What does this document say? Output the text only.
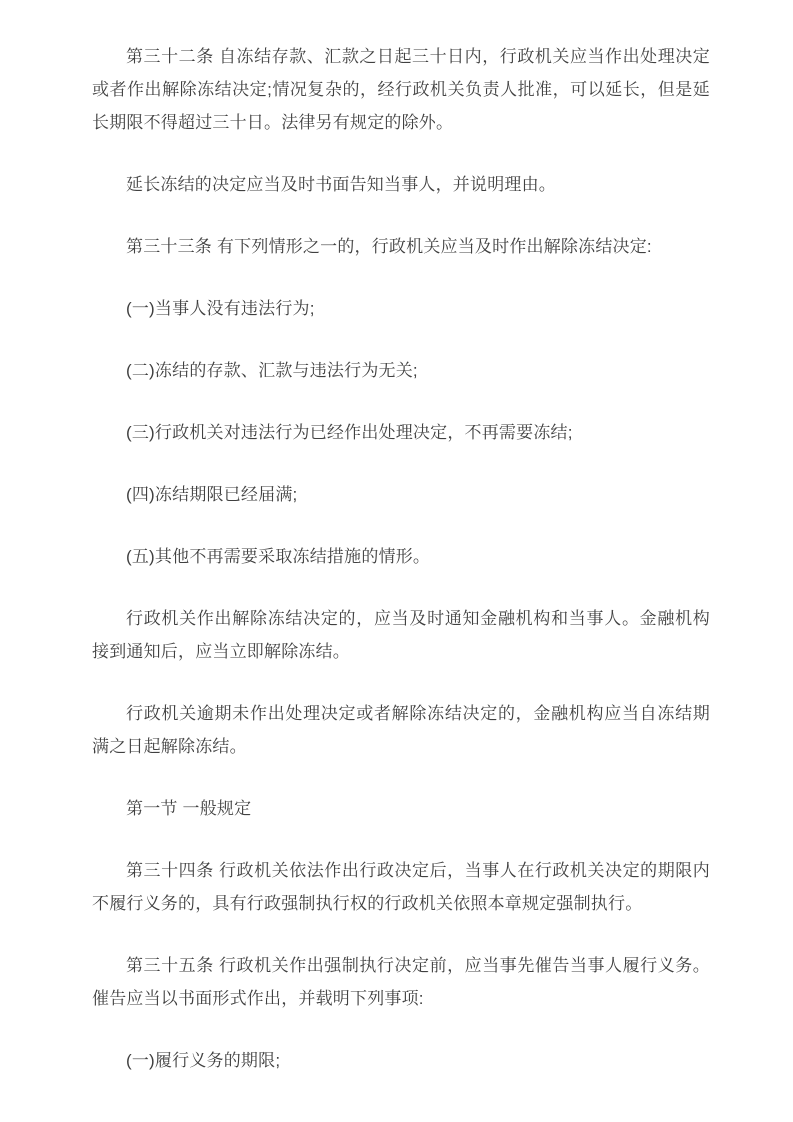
第三十二条 自冻结存款、汇款之日起三十日内，行政机关应当作出处理决定或者作出解除冻结决定;情况复杂的，经行政机关负责人批准，可以延长，但是延长期限不得超过三十日。法律另有规定的除外。

延长冻结的决定应当及时书面告知当事人，并说明理由。

第三十三条 有下列情形之一的，行政机关应当及时作出解除冻结决定:

(一)当事人没有违法行为;

(二)冻结的存款、汇款与违法行为无关;

(三)行政机关对违法行为已经作出处理决定，不再需要冻结;

(四)冻结期限已经届满;

(五)其他不再需要采取冻结措施的情形。

行政机关作出解除冻结决定的，应当及时通知金融机构和当事人。金融机构接到通知后，应当立即解除冻结。

行政机关逾期未作出处理决定或者解除冻结决定的，金融机构应当自冻结期满之日起解除冻结。

第一节 一般规定

第三十四条 行政机关依法作出行政决定后，当事人在行政机关决定的期限内不履行义务的，具有行政强制执行权的行政机关依照本章规定强制执行。

第三十五条 行政机关作出强制执行决定前，应当事先催告当事人履行义务。催告应当以书面形式作出，并载明下列事项:

(一)履行义务的期限;
